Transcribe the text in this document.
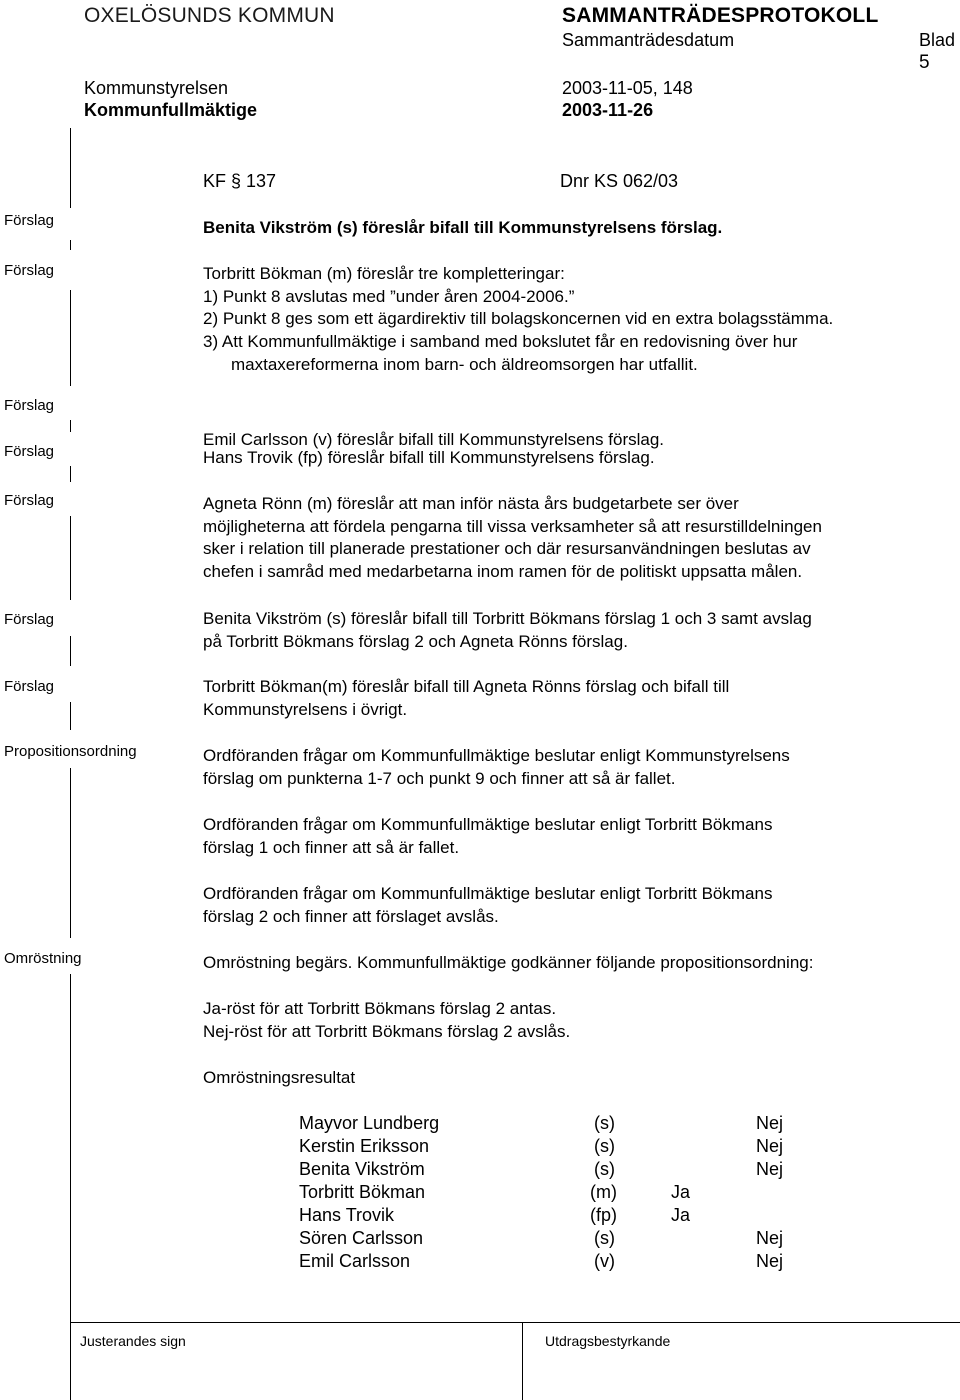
OXELÖSUNDS KOMMUN	SAMMANTRÄDESPROTOKOLL
Sammanträdesdatum	Blad
5
Kommunstyrelsen	2003-11-05, 148
Kommunfullmäktige	2003-11-26
KF § 137	Dnr KS 062/03
Förslag	Benita Vikström (s) föreslår bifall till Kommunstyrelsens förslag.
Förslag	Torbritt Bökman (m) föreslår tre kompletteringar:
1) Punkt 8 avslutas med ”under åren 2004-2006.”
2) Punkt 8 ges som ett ägardirektiv till bolagskoncernen vid en extra bolagsstämma.
3) Att Kommunfullmäktige i samband med bokslutet får en redovisning över hur
maxtaxereformerna inom barn- och äldreomsorgen har utfallit.
Förslag
Emil Carlsson (v) föreslår bifall till Kommunstyrelsens förslag.
Förslag	Hans Trovik (fp) föreslår bifall till Kommunstyrelsens förslag.
Förslag	Agneta Rönn (m) föreslår att man inför nästa års budgetarbete ser över
möjligheterna att fördela pengarna till vissa verksamheter så att resurstilldelningen
sker i relation till planerade prestationer och där resursanvändningen beslutas av
chefen i samråd med medarbetarna inom ramen för de politiskt uppsatta målen.
Förslag	Benita Vikström (s) föreslår bifall till Torbritt Bökmans förslag 1 och 3 samt avslag
på Torbritt Bökmans förslag 2 och Agneta Rönns förslag.
Förslag	Torbritt Bökman(m) föreslår bifall till Agneta Rönns förslag och bifall till
Kommunstyrelsens i övrigt.
Propositionsordning	Ordföranden frågar om Kommunfullmäktige beslutar enligt Kommunstyrelsens
förslag om punkterna 1-7 och punkt 9 och finner att så är fallet.
Ordföranden frågar om Kommunfullmäktige beslutar enligt Torbritt Bökmans
förslag 1 och finner att så är fallet.
Ordföranden frågar om Kommunfullmäktige beslutar enligt Torbritt Bökmans
förslag 2 och finner att förslaget avslås.
Omröstning	Omröstning begärs. Kommunfullmäktige godkänner följande propositionsordning:
Ja-röst för att Torbritt Bökmans förslag 2 antas.
Nej-röst för att Torbritt Bökmans förslag 2 avslås.
Omröstningsresultat
Mayvor Lundberg	(s)	Nej
Kerstin Eriksson	(s)	Nej
Benita Vikström	(s)	Nej
Torbritt Bökman	(m)	Ja
Hans Trovik	(fp)	Ja
Sören Carlsson	(s)	Nej
Emil Carlsson	(v)	Nej
Justerandes sign	Utdragsbestyrkande
